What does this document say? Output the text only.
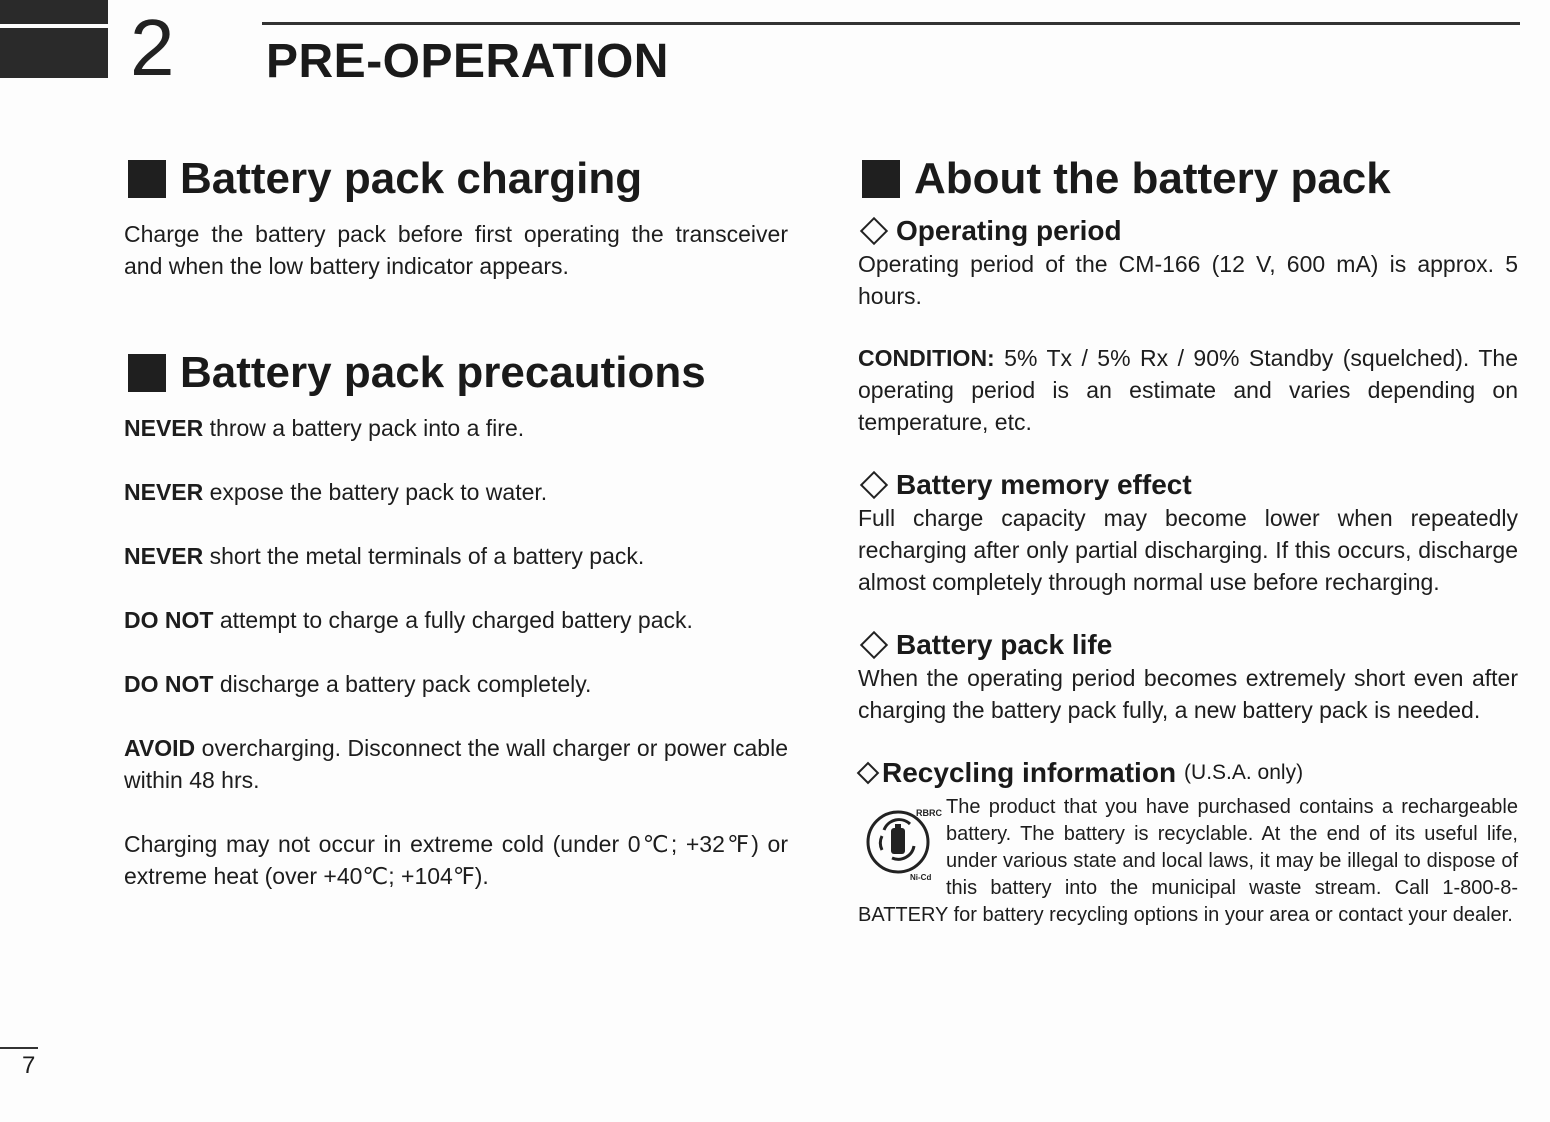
2 PRE-OPERATION
Battery pack charging

Charge the battery pack before first operating the transceiver and when the low battery indicator appears.

Battery pack precautions

NEVER throw a battery pack into a fire.

NEVER expose the battery pack to water.

NEVER short the metal terminals of a battery pack.

DO NOT attempt to charge a fully charged battery pack.

DO NOT discharge a battery pack completely.

AVOID overcharging. Disconnect the wall charger or power cable within 48 hrs.

Charging may not occur in extreme cold (under 0℃; +32℉) or extreme heat (over +40℃; +104℉).

About the battery pack
Operating period

Operating period of the CM-166 (12 V, 600 mA) is approx. 5 hours.

CONDITION: 5% Tx / 5% Rx / 90% Standby (squelched). The operating period is an estimate and varies depending on temperature, etc.

Battery memory effect

Full charge capacity may become lower when repeatedly recharging after only partial discharging. If this occurs, discharge almost completely through normal use before recharging.

Battery pack life

When the operating period becomes extremely short even after charging the battery pack fully, a new battery pack is needed.

Recycling information (U.S.A. only)
RBRC
Ni-Cd

The product that you have purchased contains a rechargeable battery. The battery is recyclable. At the end of its useful life, under various state and local laws, it may be illegal to dispose of this battery into the municipal waste stream. Call 1-800-8-BATTERY for battery recycling options in your area or contact your dealer.

7
